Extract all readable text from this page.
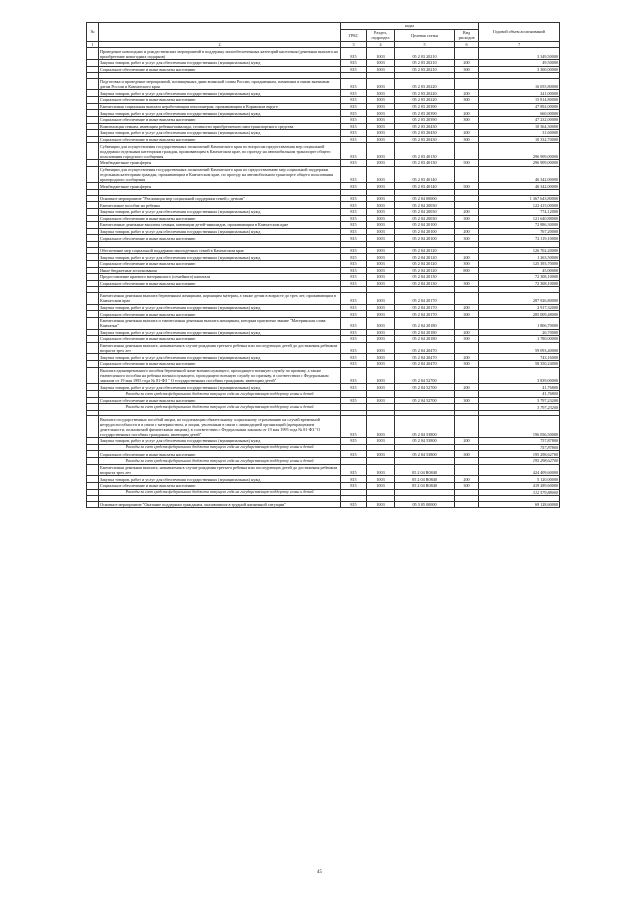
№		коды				Годовой объем ассигнований
		ГРБС	Раздел, подраздел	Целевая статья	Вид расходов	
1	2	3	4	5	6	7
	Проведение новогодних и рождественских мероприятий в поддержку малообеспеченных категорий населения (денежная выплата на приобретение новогодних подарков)	815	1003	05 2 03 20210		3 349,50000
	Закупка товаров, работ и услуг для обеспечения государственных (муниципальных) нужд	815	1003	05 2 03 20210	200	49,50000
	Социальное обеспечение и иные выплаты населению	815	1003	05 2 03 20210	300	3 300,00000

	Подготовка и проведение мероприятий, посвященных дням воинской славы России, праздничным, памятным и иным значимым датам России и Камчатского края	815	1003	05 2 03 20220		16 055,80000
	Закупка товаров, работ и услуг для обеспечения государственных (муниципальных) нужд	815	1003	05 2 03 20220	200	241,00000
	Социальное обеспечение и иные выплаты населению	815	1003	05 2 03 20220	300	15 814,80000
	Ежемесячная социальная выплата неработающим пенсионерам, проживающим в Корякском округе	815	1003	05 2 03 20390		47 892,00000
	Закупка товаров, работ и услуг для обеспечения государственных (муниципальных) нужд	815	1003	05 2 03 20390	200	660,00000
	Социальное обеспечение и иные выплаты населению	815	1003	05 2 03 20390	300	47 232,00000
	Компенсация семьям, имеющим ребенка-инвалида, стоимости приобретаемого ими транспортного средства	815	1003	05 2 03 20430		10 364,30000
	Закупка товаров, работ и услуг для обеспечения государственных (муниципальных) нужд	815	1003	05 2 03 20430	200	31,60000
	Социальное обеспечение и иные выплаты населению	815	1003	05 2 03 20430	300	10 332,70000
	Субвенции для осуществления государственных полномочий Камчатского края по вопросам предоставления мер социальной поддержки отдельным категориям граждан, проживающим в Камчатском крае, по проезду на автомобильном транспорте общего пользования городского сообщения	815	1003	05 2 03 40130		296 909,00000
	Межбюджетные трансферты	815	1003	05 2 03 40130	500	296 909,00000
	Субвенции для осуществления государственных полномочий Камчатского края по предоставлению мер социальной поддержки отдельным категориям граждан, проживающим в Камчатском крае, по проезду на автомобильном транспорте общего пользования пригородного сообщения	815	1003	05 2 03 40140		46 342,00000
	Межбюджетные трансферты	815	1003	05 2 03 40140	500	46 342,00000

	Основное мероприятие "Реализация мер социальной поддержки семей с детьми"	815	1003	05 2 04 00000		1 367 643,80000
	Ежемесячное пособие на ребенка	815	1003	05 2 04 20030		122 415,00000
	Закупка товаров, работ и услуг для обеспечения государственных (муниципальных) нужд	815	1003	05 2 04 20030	200	774,12000
	Социальное обеспечение и иные выплаты населению	815	1003	05 2 04 20030	300	121 640,88000
	Ежемесячные денежные выплаты семьям, имеющим детей-инвалидов, проживающим в Камчатском крае	815	1003	05 2 04 20100		72 886,30000
	Закупка товаров, работ и услуг для обеспечения государственных (муниципальных) нужд	815	1003	05 2 04 20100	200	767,20000
	Социальное обеспечение и иные выплаты населению	815	1003	05 2 04 20100	300	72 119,10000

	Обеспечение мер социальной поддержки многодетных семей в Камчатском крае	815	1003	05 2 04 20120		126 702,20000
	Закупка товаров, работ и услуг для обеспечения государственных (муниципальных) нужд	815	1003	05 2 04 20120	200	1 263,50000
	Социальное обеспечение и иные выплаты населению	815	1003	05 2 04 20120	300	125 393,70000
	Иные бюджетные ассигнования	815	1003	05 2 04 20120	800	45,00000
	Предоставление краевого материнского (семейного) капитала	815	1003	05 2 04 20130		72 308,10000
	Социальное обеспечение и иные выплаты населению	815	1003	05 2 04 20130	300	72 308,10000

	Ежемесячная денежная выплата беременным женщинам, кормящим матерям, а также детям в возрасте до трех лет, проживающим в Камчатском крае	815	1003	05 2 04 20170		287 926,80000
	Закупка товаров, работ и услуг для обеспечения государственных (муниципальных) нужд	815	1003	05 2 04 20170	200	2 917,32000
	Социальное обеспечение и иные выплаты населению	815	1003	05 2 04 20170	300	285 009,48000
	Ежемесячная денежная выплата и ежемесячная денежная выплата женщинам, которым присвоено звание "Материнская слава Камчатки"	815	1003	05 2 04 20180		1 806,70000
	Закупка товаров, работ и услуг для обеспечения государственных (муниципальных) нужд	815	1003	05 2 04 20180	200	26,70000
	Социальное обеспечение и иные выплаты населению	815	1003	05 2 04 20180	300	1 780,00000
	Ежемесячная денежная выплата, назначаемая в случае рождения третьего ребенка или последующих детей до достижения ребенком возраста трех лет	815	1003	05 2 04 20470		59 093,40000
	Закупка товаров, работ и услуг для обеспечения государственных (муниципальных) нужд	815	1003	05 2 04 20470	200	743,16000
	Социальное обеспечение и иные выплаты населению	815	1003	05 2 04 20470	300	58 350,24000
	Выплата единовременного пособия беременной жене военнослужащего, проходящего военную службу по призыву, а также ежемесячного пособия на ребенка военнослужащего, проходящего военную службу по призыву, в соответствии с Федеральным законом от 19 мая 1995 года № 81-ФЗ " О государственных пособиях гражданам, имеющим детей"	815	1003	05 2 04 52700		3 839,00000
	Закупка товаров, работ и услуг для обеспечения государственных (муниципальных) нужд	815	1003	05 2 04 52700	200	41,76800
	Расходы за счет средств федерального бюджета текущего года на государственную поддержку семьи и детей					41,76800
	Социальное обеспечение и иные выплаты населению	815	1003	05 2 04 52700	300	3 797,23200
	Расходы за счет средств федерального бюджета текущего года на государственную поддержку семьи и детей					3 797,23200

	Выплата государственных пособий лицам, не подлежащим обязательному социальному страхованию на случай временной нетрудоспособности и в связи с материнством, и лицам, уволенным в связи с ликвидацией организаций (прекращением деятельности, полномочий физическими лицами), в соответствии с Федеральным законом от 19 мая 1995 года № 81-ФЗ "О государственных пособиях гражданам, имеющим детей"	815	1003	05 2 04 53800		196 056,50000
	Закупка товаров, работ и услуг для обеспечения государственных (муниципальных) нужд	815	1003	05 2 04 53800	200	757,87800
	Расходы за счет средств федерального бюджета текущего года на государственную поддержку семьи и детей					757,87800
	Социальное обеспечение и иные выплаты населению	815	1003	05 2 04 53800	300	195 298,62700
	Расходы за счет средств федерального бюджета текущего года на государственную поддержку семьи и детей					195 298,62700
	Ежемесячная денежная выплата, назначаемая в случае рождения третьего ребенка или последующих детей до достижения ребенком возраста трех лет	815	1003	05 2 04 R0840		424 409,60000
	Закупка товаров, работ и услуг для обеспечения государственных (муниципальных) нужд	815	1003	05 2 04 R0840	200	5 120,00000
	Социальное обеспечение и иные выплаты населению	815	1003	05 2 04 R0840	300	419 289,60000
	Расходы за счет средств федерального бюджета текущего года на государственную поддержку семьи и детей					312 579,88000

	Основное мероприятие "Оказание поддержки гражданам, оказавшимся в трудной жизненной ситуации"	815	1003	05 3 05 00000		69 128,60000
45
